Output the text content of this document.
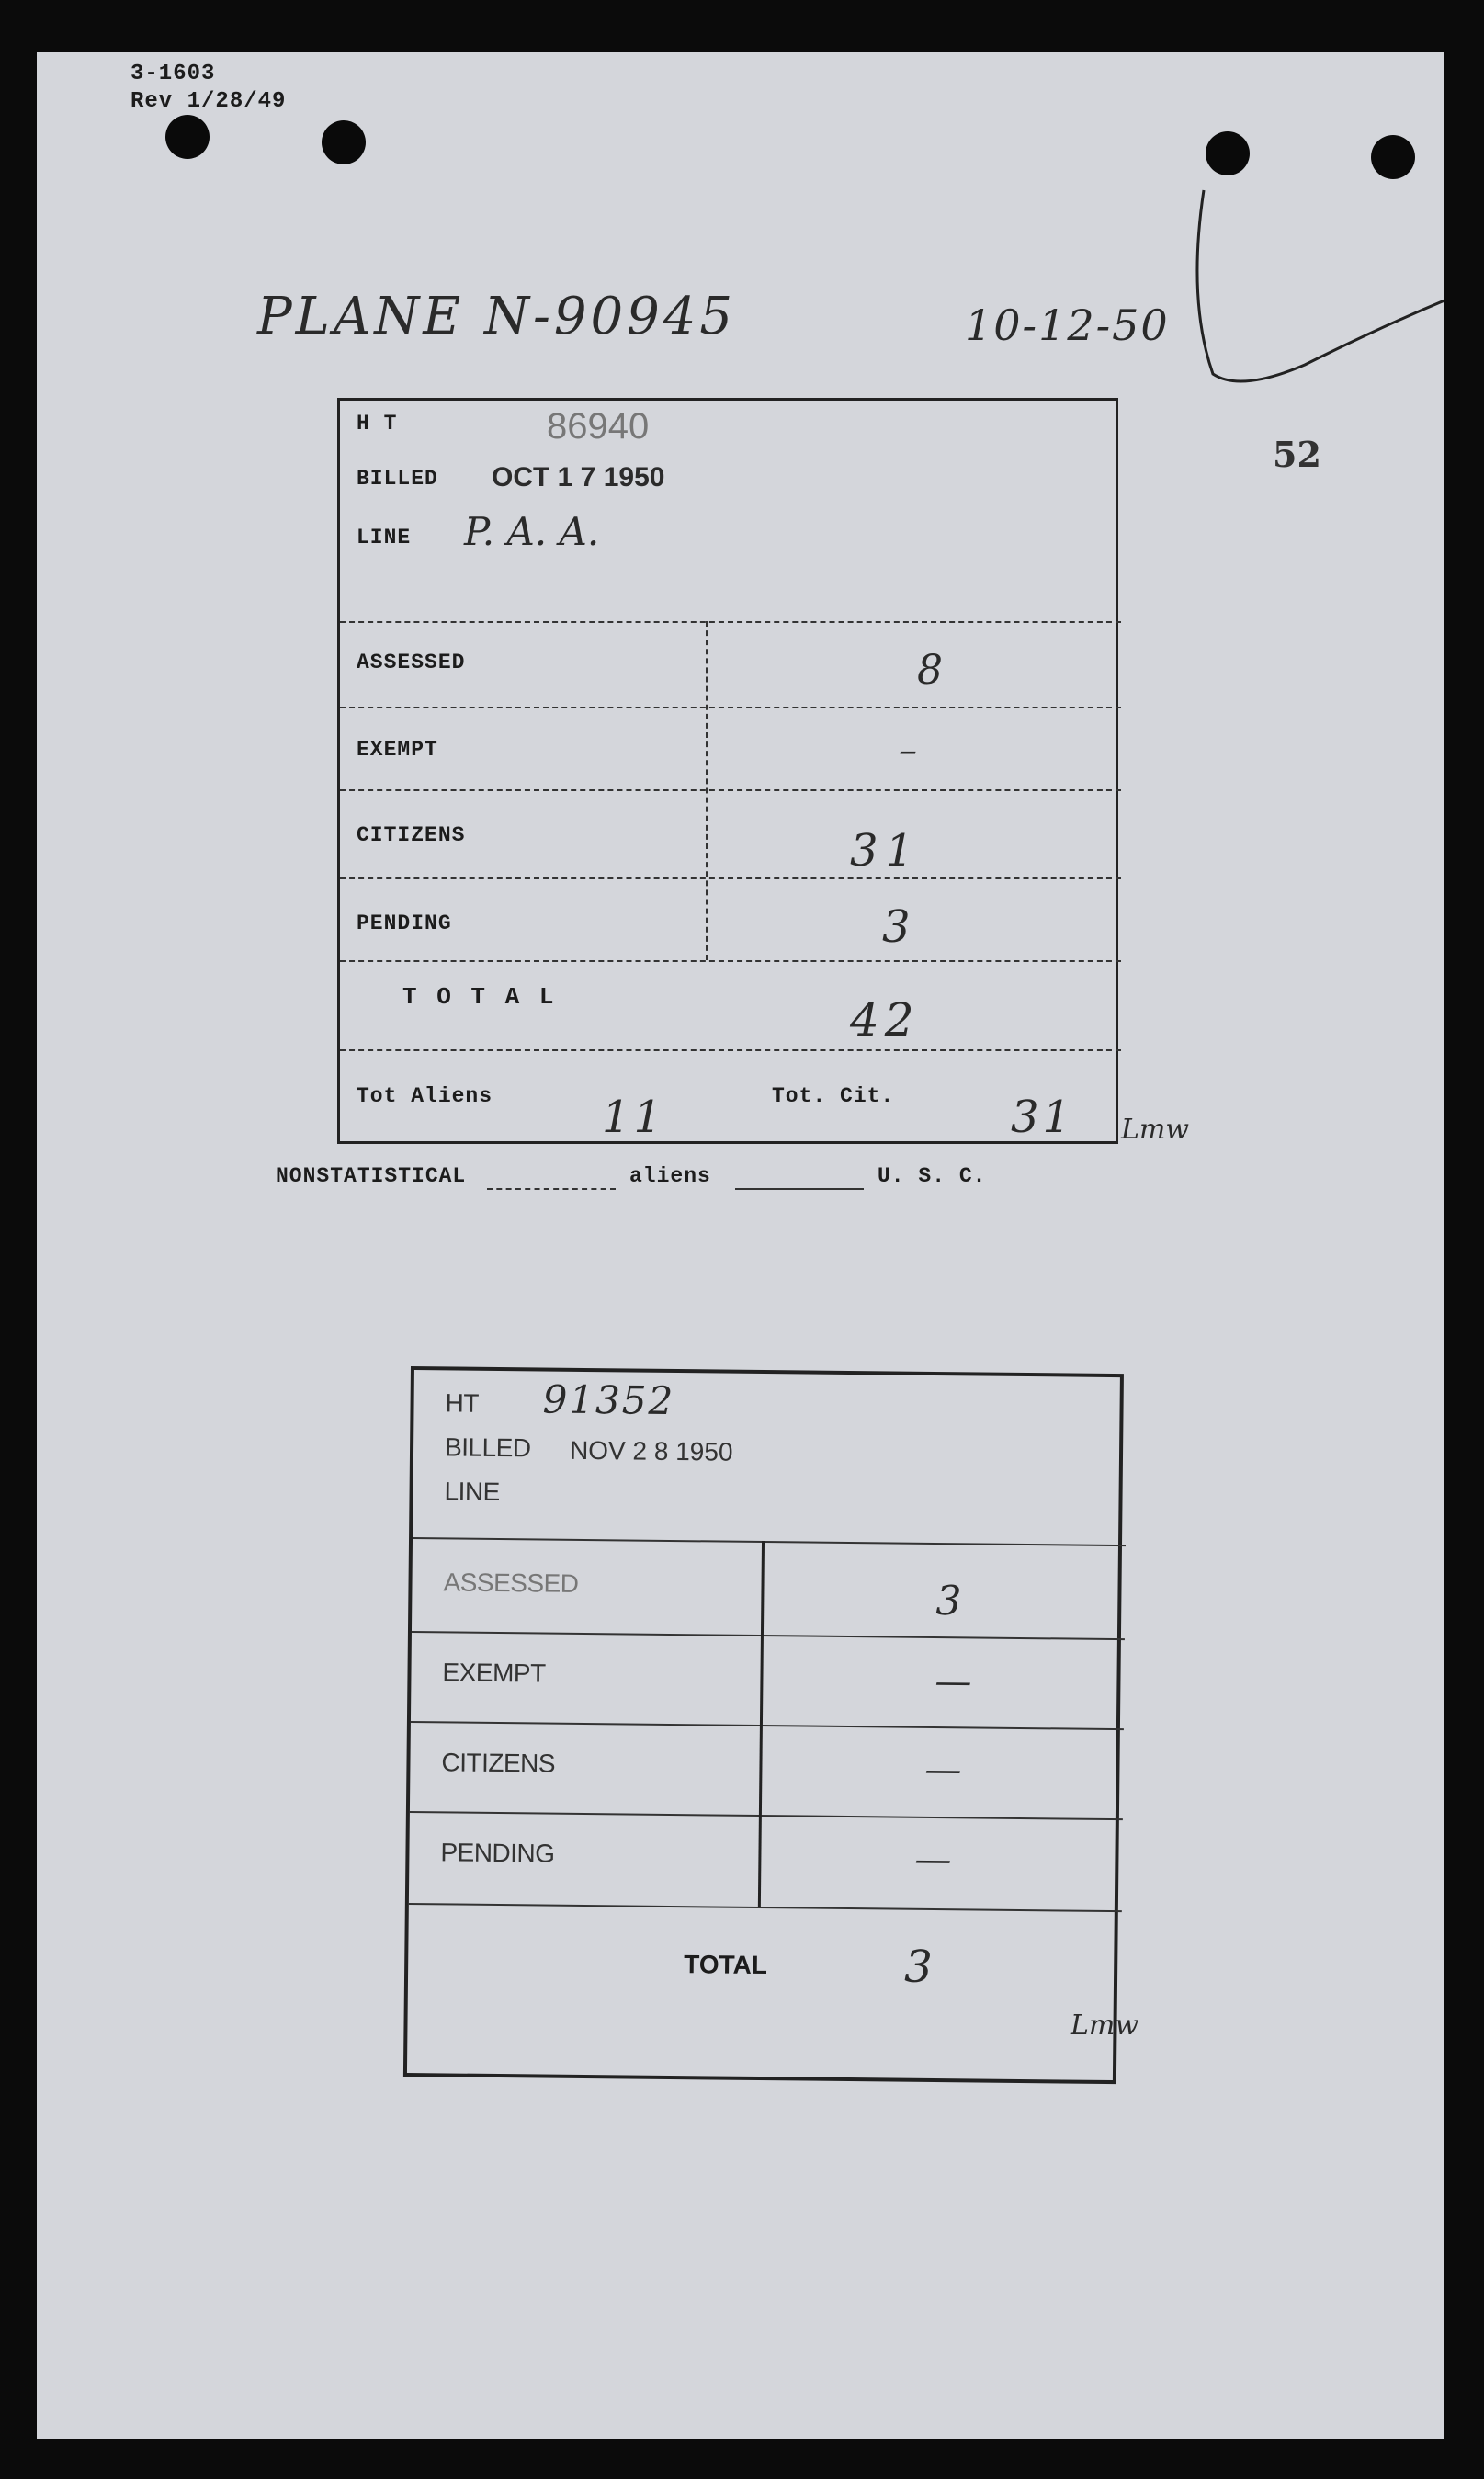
3-1603
Rev 1/28/49
PLANE N-90945	10-12-50
52
H T	86940
BILLED OCT 1 7 1950
LINE P. A. A.
ASSESSED	8
EXEMPT	–
CITIZENS	31
PENDING	3
T O T A L	42
Tot Aliens 11	Tot. Cit.	31 Lmw
NONSTATISTICAL	aliens	U. S. C.
HT 91352
BILLED NOV 2 8 1950
LINE
ASSESSED	3
EXEMPT	—
CITIZENS	—
PENDING	—
TOTAL	3
Lmw
